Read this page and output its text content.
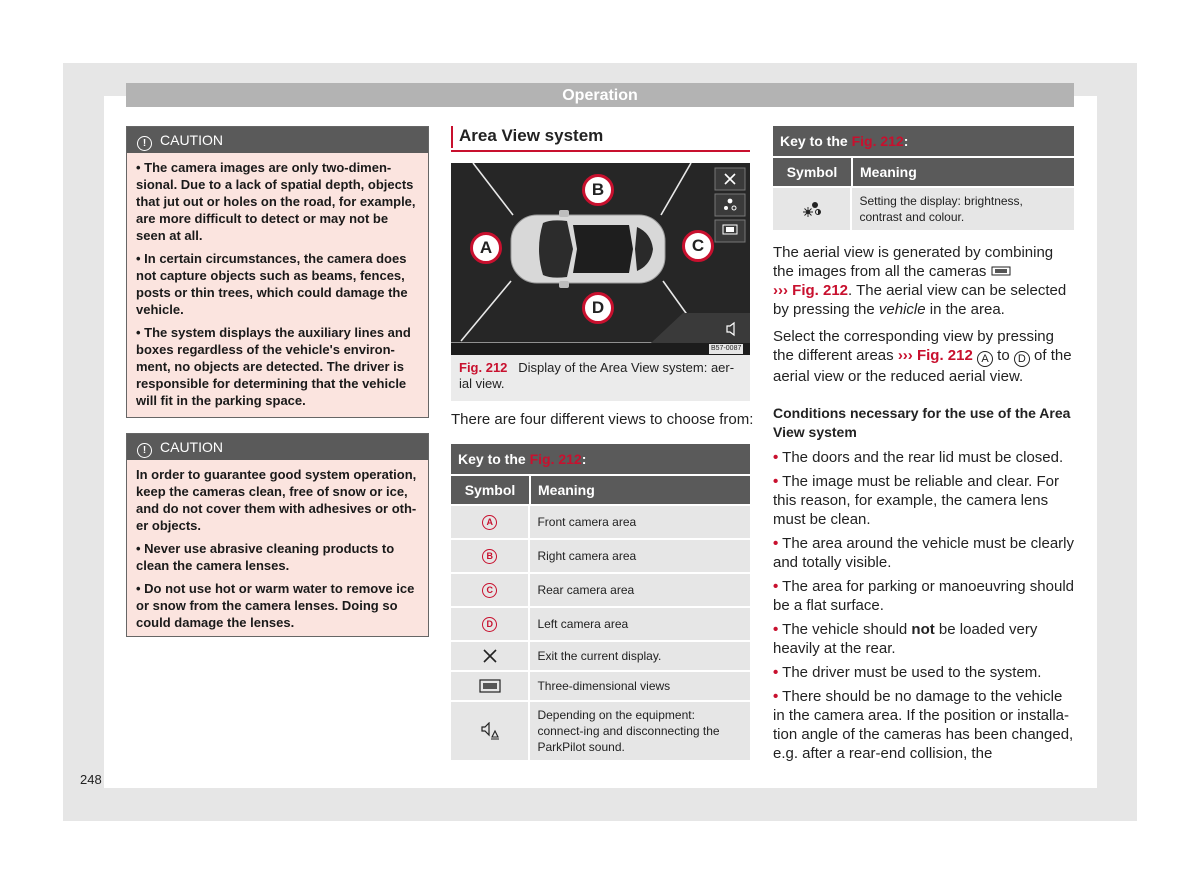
Operation
! CAUTION

• The camera images are only two-dimen-sional. Due to a lack of spatial depth, objects that jut out or holes on the road, for example, are more difficult to detect or may not be seen at all.

• In certain circumstances, the camera does not capture objects such as beams, fences, posts or thin trees, which could damage the vehicle.

• The system displays the auxiliary lines and boxes regardless of the vehicle's environ-ment, no objects are detected. The driver is responsible for determining that the vehicle will fit in the parking space.

! CAUTION

In order to guarantee good system operation, keep the cameras clean, free of snow or ice, and do not cover them with adhesives or oth-er objects.

• Never use abrasive cleaning products to clean the camera lenses.

• Do not use hot or warm water to remove ice or snow from the camera lenses. Doing so could damage the lenses.

Area View system
B
A	C
D
B57-0087
Fig. 212 Display of the Area View system: aer-ial view.
There are four different views to choose from:
Key to the Fig. 212:
Symbol	Meaning
A	Front camera area
B	Right camera area
C	Rear camera area
D	Left camera area
Exit the current display.
Three-dimensional views
Depending on the equipment: connect-ing and disconnecting the ParkPilot sound.
Key to the Fig. 212:
Symbol	Meaning
Setting the display: brightness, contrast and colour.

The aerial view is generated by combining the images from all the cameras
››› Fig. 212. The aerial view can be selected by pressing the vehicle in the area.

Select the corresponding view by pressing the different areas ››› Fig. 212 A to D of the aerial view or the reduced aerial view.

Conditions necessary for the use of the Area View system

• The doors and the rear lid must be closed.

• The image must be reliable and clear. For this reason, for example, the camera lens must be clean.

• The area around the vehicle must be clearly and totally visible.

• The area for parking or manoeuvring should be a flat surface.

• The vehicle should not be loaded very heavily at the rear.

• The driver must be used to the system.

• There should be no damage to the vehicle in the camera area. If the position or installa-tion angle of the cameras has been changed, e.g. after a rear-end collision, the

248
